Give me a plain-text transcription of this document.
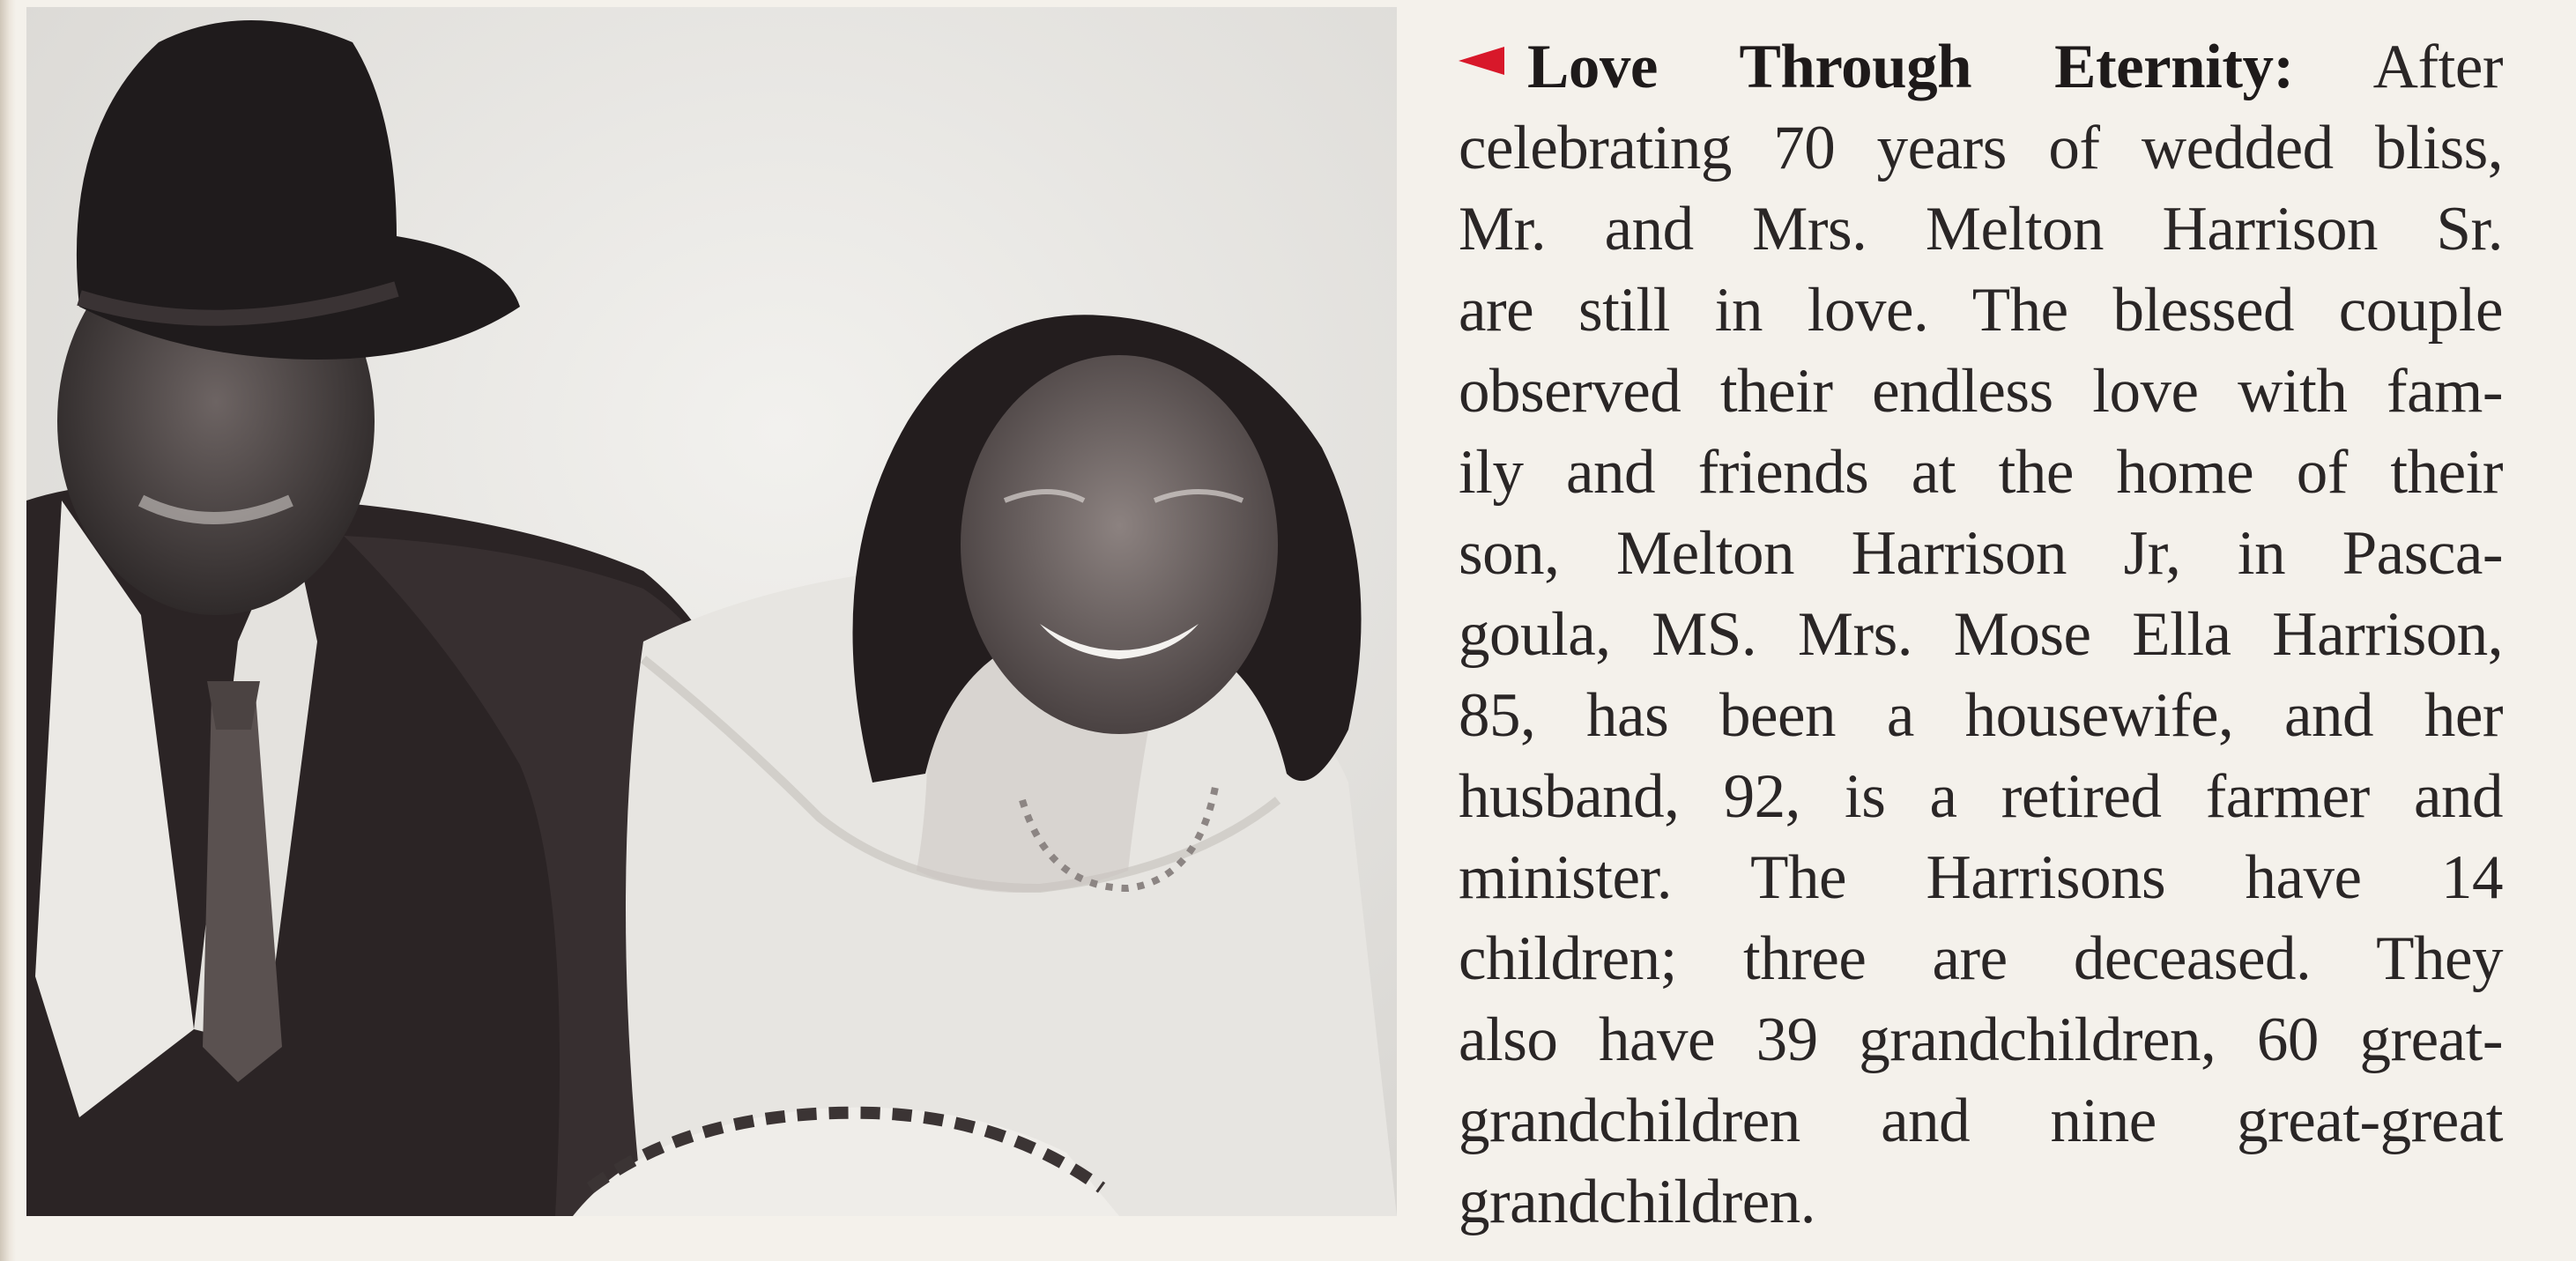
Love Through Eternity: After
celebrating 70 years of wedded bliss,
Mr. and Mrs. Melton Harrison Sr.
are still in love. The blessed couple
observed their endless love with fam-
ily and friends at the home of their
son, Melton Harrison Jr, in Pasca-
goula, MS. Mrs. Mose Ella Harrison,
85, has been a housewife, and her
husband, 92, is a retired farmer and
minister. The Harrisons have 14
children; three are deceased. They
also have 39 grandchildren, 60 great-
grandchildren and nine great-great
grandchildren.
